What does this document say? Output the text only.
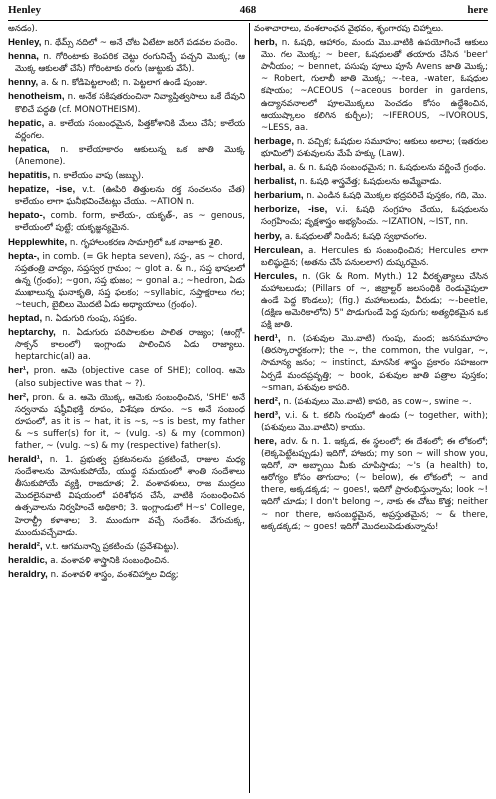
Henley	468	here

అనడం).

Henley, n. థేమ్స్ నదిలో ~ అనే చోట ఏటేటా జరిగే పడవల పందెం.

henna, n. గోరింటాకు కెంపరిక చెట్టు రంగునిచ్చే పచ్చని మొక్క; (ఆ మొక్క ఆకులతో చేసే) గోరింటాకు రంగు (జుట్టుకు వేసే).

henny, a. & n. కోడిపెట్టలాంటి; n. పెట్టలాగ ఉండే పుంజు.

henotheism, n. అనేక సకిషతరుంచినా నివ్యాప్తిత్వసాలు ఒకే దేవుని కొలిచే పద్ధతి (cf. MONOTHEISM).

hepatic, a. కాలేయ సంబంధమైన, పిత్తకోశానికి మేలు చేసే; కాలేయ వర్ణంగల.

hepatica, n. కాలేయాకారం ఆకులున్న ఒక జాతి మొక్క (Anemone).

hepatitis, n. కాలేయం వాపు (జబ్బు).

hepatize, -ise, v.t. (ఊపిరి తిత్తులను రక్త సంచలనం చేత) కాలేయం లాగా ఘనీభవించేటట్లు చేయు. ~ATION n.

hepato-, comb. form, కాలేయ-, యకృత్-, as ~ genous, కాలేయంలో పుట్టే; యకృజ్జన్యమైన.

Hepplewhite, n. గృహాలంకరణ సామాగ్రిలో ఒక నాజూకు శైలి.

hepta-, in comb. (= Gk hepta seven), సప్త-, as ~ chord, సప్తతంత్రి వాద్యం, సప్తస్వర గ్రామం; ~ glot a. & n., సప్త భాషలలో ఉన్న (గ్రంథం); ~gon, సప్త భుజం; ~ gonal a.; ~hedron, ఏడు ముఖాలున్న ఘనాకృతి, సప్త ఫలకం; ~syllabic, సప్తాక్షరాలు గల; ~teuch, బైబిలు మొదటి ఏడు అధ్యాయాలు (గ్రంథం).

heptad, n. ఏడుగురి గుంపు, సప్తకం.

heptarchy, n. ఏడుగురు పరిపాలకుల పాలిత రాజ్యం; (ఆంగ్లో-సాక్సన్ కాలంలో) ఇంగ్లాండు పాలించిన ఏడు రాజ్యాలు. heptarchic(al) aa.

her¹, pron. ఆమె (objective case of SHE); colloq. ఆమె (also subjective was that ~ ?).

her², pron. & a. ఆమె యొక్క, ఆమెకు సంబంధించిన, 'SHE' అనే సర్వనామ షష్ఠీవిభక్తి రూపం, విశేషణ రూపం. ~s అనే సంబంధ రూపంలో, as it is ~ hat, it is ~s, ~s is best, my father & ~s suffer(s) for it, ~ (vulg. -s) & my (common) father, ~ (vulg. ~s) & my (respective) father(s).

herald¹, n. 1. ప్రభుత్వ ప్రకటనలను ప్రకటించే, రాజుల మధ్య సందేశాలను మోసుకుపోయే, యుద్ధ సమయంలో శాంతి సందేశాలు తీసుకుపోయే వ్యక్తి, రాజదూత; 2. వంశావళులు, రాజ ముద్రలు మొదలైనవాటి విషయంలో పరిశోధన చేసే, వాటికి సంబంధించిన ఉత్సవాలను నిర్వహించే అధికారి; 3. ఇంగ్లాండులో H~s' College, హెరాల్డ్రీ కళాశాల; 3. ముందుగా వచ్చే సందేశం. వేగుచుక్క, ముందువచ్చేవాడు.

herald², v.t. ఆగమనాన్ని ప్రకటించు (ప్రవేశపెట్టు).

heraldic, a. వంశావళి శాస్త్రానికి సంబంధించిన.

heraldry, n. వంశావళి శాస్త్రం, వంశచిహ్నాల విద్య;

వంశాచారాలు, వంశలాంఛన వైభవం, శృంగారపు చిహ్నాలు.

herb, n. ఓషధి, ఆహారం, మందు మొ.వాటికి ఉపయోగించే ఆకులు మొ. గల మొక్క; ~ beer, ఓషధులతో తయారు చేసిన 'beer' పానీయం; ~ bennet, పసుపు పూలు పూసే Avens జాతి మొక్క; ~ Robert, గులాబీ జాతి మొక్క; ~-tea, -water, ఓషధుల కషాయం; ~ACEOUS (~aceous border in gardens, ఉద్యానవనాలలో పూలమొక్కలు పెంచడం కోసం ఉద్దేశించిన, ఆయుష్కాలం కలిగిన కుర్చీల); ~IFEROUS, ~IVOROUS, ~LESS, aa.

herbage, n. పచ్చిక; ఓషధుల సమూహం; ఆకులు అలాల; (ఇతరుల భూమిలో) పశువులను మేపే హక్కు (Law).

herbal, a. & n. ఓషధి సంబంధమైన; n. ఓషధులను వర్ణించే గ్రంథం.

herbalist, n. ఓషధి శాస్త్రవేత్త; ఓషధులను అమ్మేవాడు.

herbarium, n. ఎండిన ఓషధి మొక్కల భద్రపరిచే పుస్తకం, గది, మొ.

herborize, -ise, v.i. ఓషధి సంగ్రహం చేయు, ఓషధులను సంగ్రహించు; వృక్షశాస్త్రం అభ్యసించు. ~IZATION, ~IST, nn.

herby, a. ఓషధులతో నిండిన; ఓషధి స్వభావంగల.

Herculean, a. Hercules కు సంబంధించిన; Hercules లాగా బలిష్ఠుడైన; (అతను చేసే పనులలాగ) దుష్కరమైన.

Hercules, n. (Gk & Rom. Myth.) 12 వీరకృత్యాలు చేసిన మహాబలుడు; (Pillars of ~, జిబ్రాల్టర్ జలసంధికి రెండువైపులా ఉండే పెద్ద కొండలు); (fig.) మహాబలుడు, వీరుడు; ~-beetle, (దక్షిణ అమెరికాలోని) 5" పొడుగుండే పెద్ద పురుగు; అత్యధికమైన ఒక పక్షి జాతి.

herd¹, n. (పశువుల మొ.వాటి) గుంపు, మంద; జనసమూహం (తిరస్కారార్థకంగా); the ~, the common, the vulgar, ~, సామాన్య జనం; ~ instinct, మానసిక శాస్త్రం ప్రకారం సహజంగా ఏర్పడే మందప్రవృత్తి; ~ book, పశువుల జాతి పత్రాల పుస్తకం; ~sman, పశువుల కాపరి.

herd², n. (పశువులు మొ.వాటి) కాపరి, as cow~, swine ~.

herd³, v.i. & t. కలిసి గుంపులో ఉండు (~ together, with); (పశువులు మొ.వాటిని) కాయు.

here, adv. & n. 1. ఇక్కడ, ఈ స్థలంలో; ఈ దేశంలో; ఈ లోకంలో; (లెక్కపెట్టేటప్పుడు) ఇదిగో, హాజరు; my son ~ will show you, ఇదిగో, నా అబ్బాయి మీకు చూపిస్తాడు; ~'s (a health) to, ఆరోగ్యం కోసం తాగుదాం; (~ below), ఈ లోకంలో; ~ and there, అక్కడక్కడ; ~ goes!, ఇదిగో ప్రారంభిస్తున్నాను; look ~! ఇదిగో చూడు; I don't belong ~, నాకు ఈ చోటు కొత్త; neither ~ nor there, అసంబద్ధమైన, అప్రస్తుతమైన; ~ & there, అక్కడక్కడ; ~ goes! ఇదిగో మొదలుపెడుతున్నాను!
